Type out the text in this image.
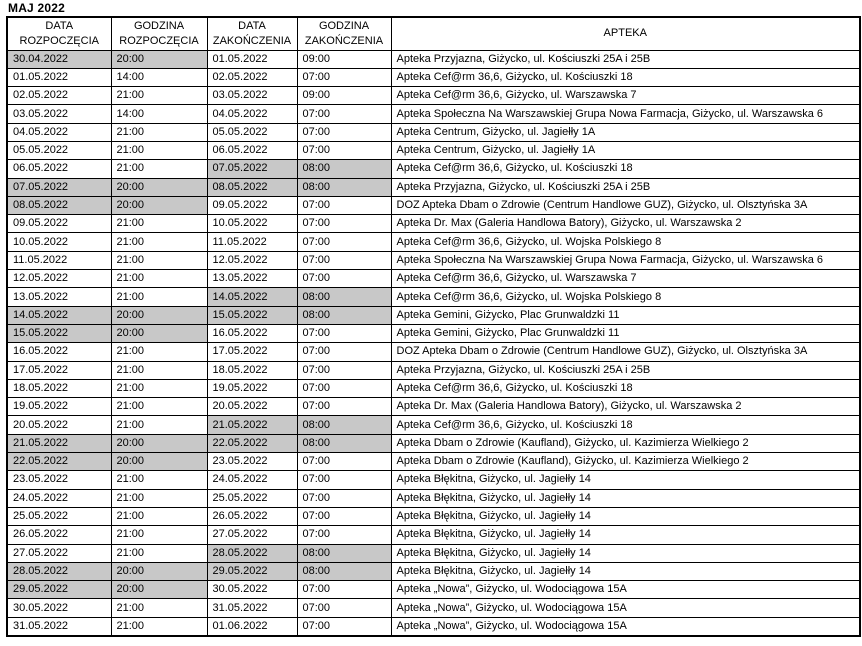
MAJ 2022
DATA ROZPOCZĘCIA	GODZINA ROZPOCZĘCIA	DATA ZAKOŃCZENIA	GODZINA ZAKOŃCZENIA	APTEKA
30.04.2022	20:00	01.05.2022	09:00	Apteka Przyjazna, Giżycko, ul. Kościuszki 25A i 25B
01.05.2022	14:00	02.05.2022	07:00	Apteka Cef@rm 36,6, Giżycko, ul. Kościuszki 18
02.05.2022	21:00	03.05.2022	09:00	Apteka Cef@rm 36,6, Giżycko, ul. Warszawska 7
03.05.2022	14:00	04.05.2022	07:00	Apteka Społeczna Na Warszawskiej Grupa Nowa Farmacja, Giżycko, ul. Warszawska 6
04.05.2022	21:00	05.05.2022	07:00	Apteka Centrum, Giżycko, ul. Jagiełły 1A
05.05.2022	21:00	06.05.2022	07:00	Apteka Centrum, Giżycko, ul. Jagiełły 1A
06.05.2022	21:00	07.05.2022	08:00	Apteka Cef@rm 36,6, Giżycko, ul. Kościuszki 18
07.05.2022	20:00	08.05.2022	08:00	Apteka Przyjazna, Giżycko, ul. Kościuszki 25A i 25B
08.05.2022	20:00	09.05.2022	07:00	DOZ Apteka Dbam o Zdrowie (Centrum Handlowe GUZ), Giżycko, ul. Olsztyńska 3A
09.05.2022	21:00	10.05.2022	07:00	Apteka Dr. Max (Galeria Handlowa Batory), Giżycko, ul. Warszawska 2
10.05.2022	21:00	11.05.2022	07:00	Apteka Cef@rm 36,6, Giżycko, ul. Wojska Polskiego 8
11.05.2022	21:00	12.05.2022	07:00	Apteka Społeczna Na Warszawskiej Grupa Nowa Farmacja, Giżycko, ul. Warszawska 6
12.05.2022	21:00	13.05.2022	07:00	Apteka Cef@rm 36,6, Giżycko, ul. Warszawska 7
13.05.2022	21:00	14.05.2022	08:00	Apteka Cef@rm 36,6, Giżycko, ul. Wojska Polskiego 8
14.05.2022	20:00	15.05.2022	08:00	Apteka Gemini, Giżycko, Plac Grunwaldzki 11
15.05.2022	20:00	16.05.2022	07:00	Apteka Gemini, Giżycko, Plac Grunwaldzki 11
16.05.2022	21:00	17.05.2022	07:00	DOZ Apteka Dbam o Zdrowie (Centrum Handlowe GUZ), Giżycko, ul. Olsztyńska 3A
17.05.2022	21:00	18.05.2022	07:00	Apteka Przyjazna, Giżycko, ul. Kościuszki 25A i 25B
18.05.2022	21:00	19.05.2022	07:00	Apteka Cef@rm 36,6, Giżycko, ul. Kościuszki 18
19.05.2022	21:00	20.05.2022	07:00	Apteka Dr. Max (Galeria Handlowa Batory), Giżycko, ul. Warszawska 2
20.05.2022	21:00	21.05.2022	08:00	Apteka Cef@rm 36,6, Giżycko, ul. Kościuszki 18
21.05.2022	20:00	22.05.2022	08:00	Apteka Dbam o Zdrowie (Kaufland), Giżycko, ul. Kazimierza Wielkiego 2
22.05.2022	20:00	23.05.2022	07:00	Apteka Dbam o Zdrowie (Kaufland), Giżycko, ul. Kazimierza Wielkiego 2
23.05.2022	21:00	24.05.2022	07:00	Apteka Błękitna, Giżycko, ul. Jagiełły 14
24.05.2022	21:00	25.05.2022	07:00	Apteka Błękitna, Giżycko, ul. Jagiełły 14
25.05.2022	21:00	26.05.2022	07:00	Apteka Błękitna, Giżycko, ul. Jagiełły 14
26.05.2022	21:00	27.05.2022	07:00	Apteka Błękitna, Giżycko, ul. Jagiełły 14
27.05.2022	21:00	28.05.2022	08:00	Apteka Błękitna, Giżycko, ul. Jagiełły 14
28.05.2022	20:00	29.05.2022	08:00	Apteka Błękitna, Giżycko, ul. Jagiełły 14
29.05.2022	20:00	30.05.2022	07:00	Apteka „Nowa”, Giżycko, ul. Wodociągowa 15A
30.05.2022	21:00	31.05.2022	07:00	Apteka „Nowa”, Giżycko, ul. Wodociągowa 15A
31.05.2022	21:00	01.06.2022	07:00	Apteka „Nowa”, Giżycko, ul. Wodociągowa 15A
